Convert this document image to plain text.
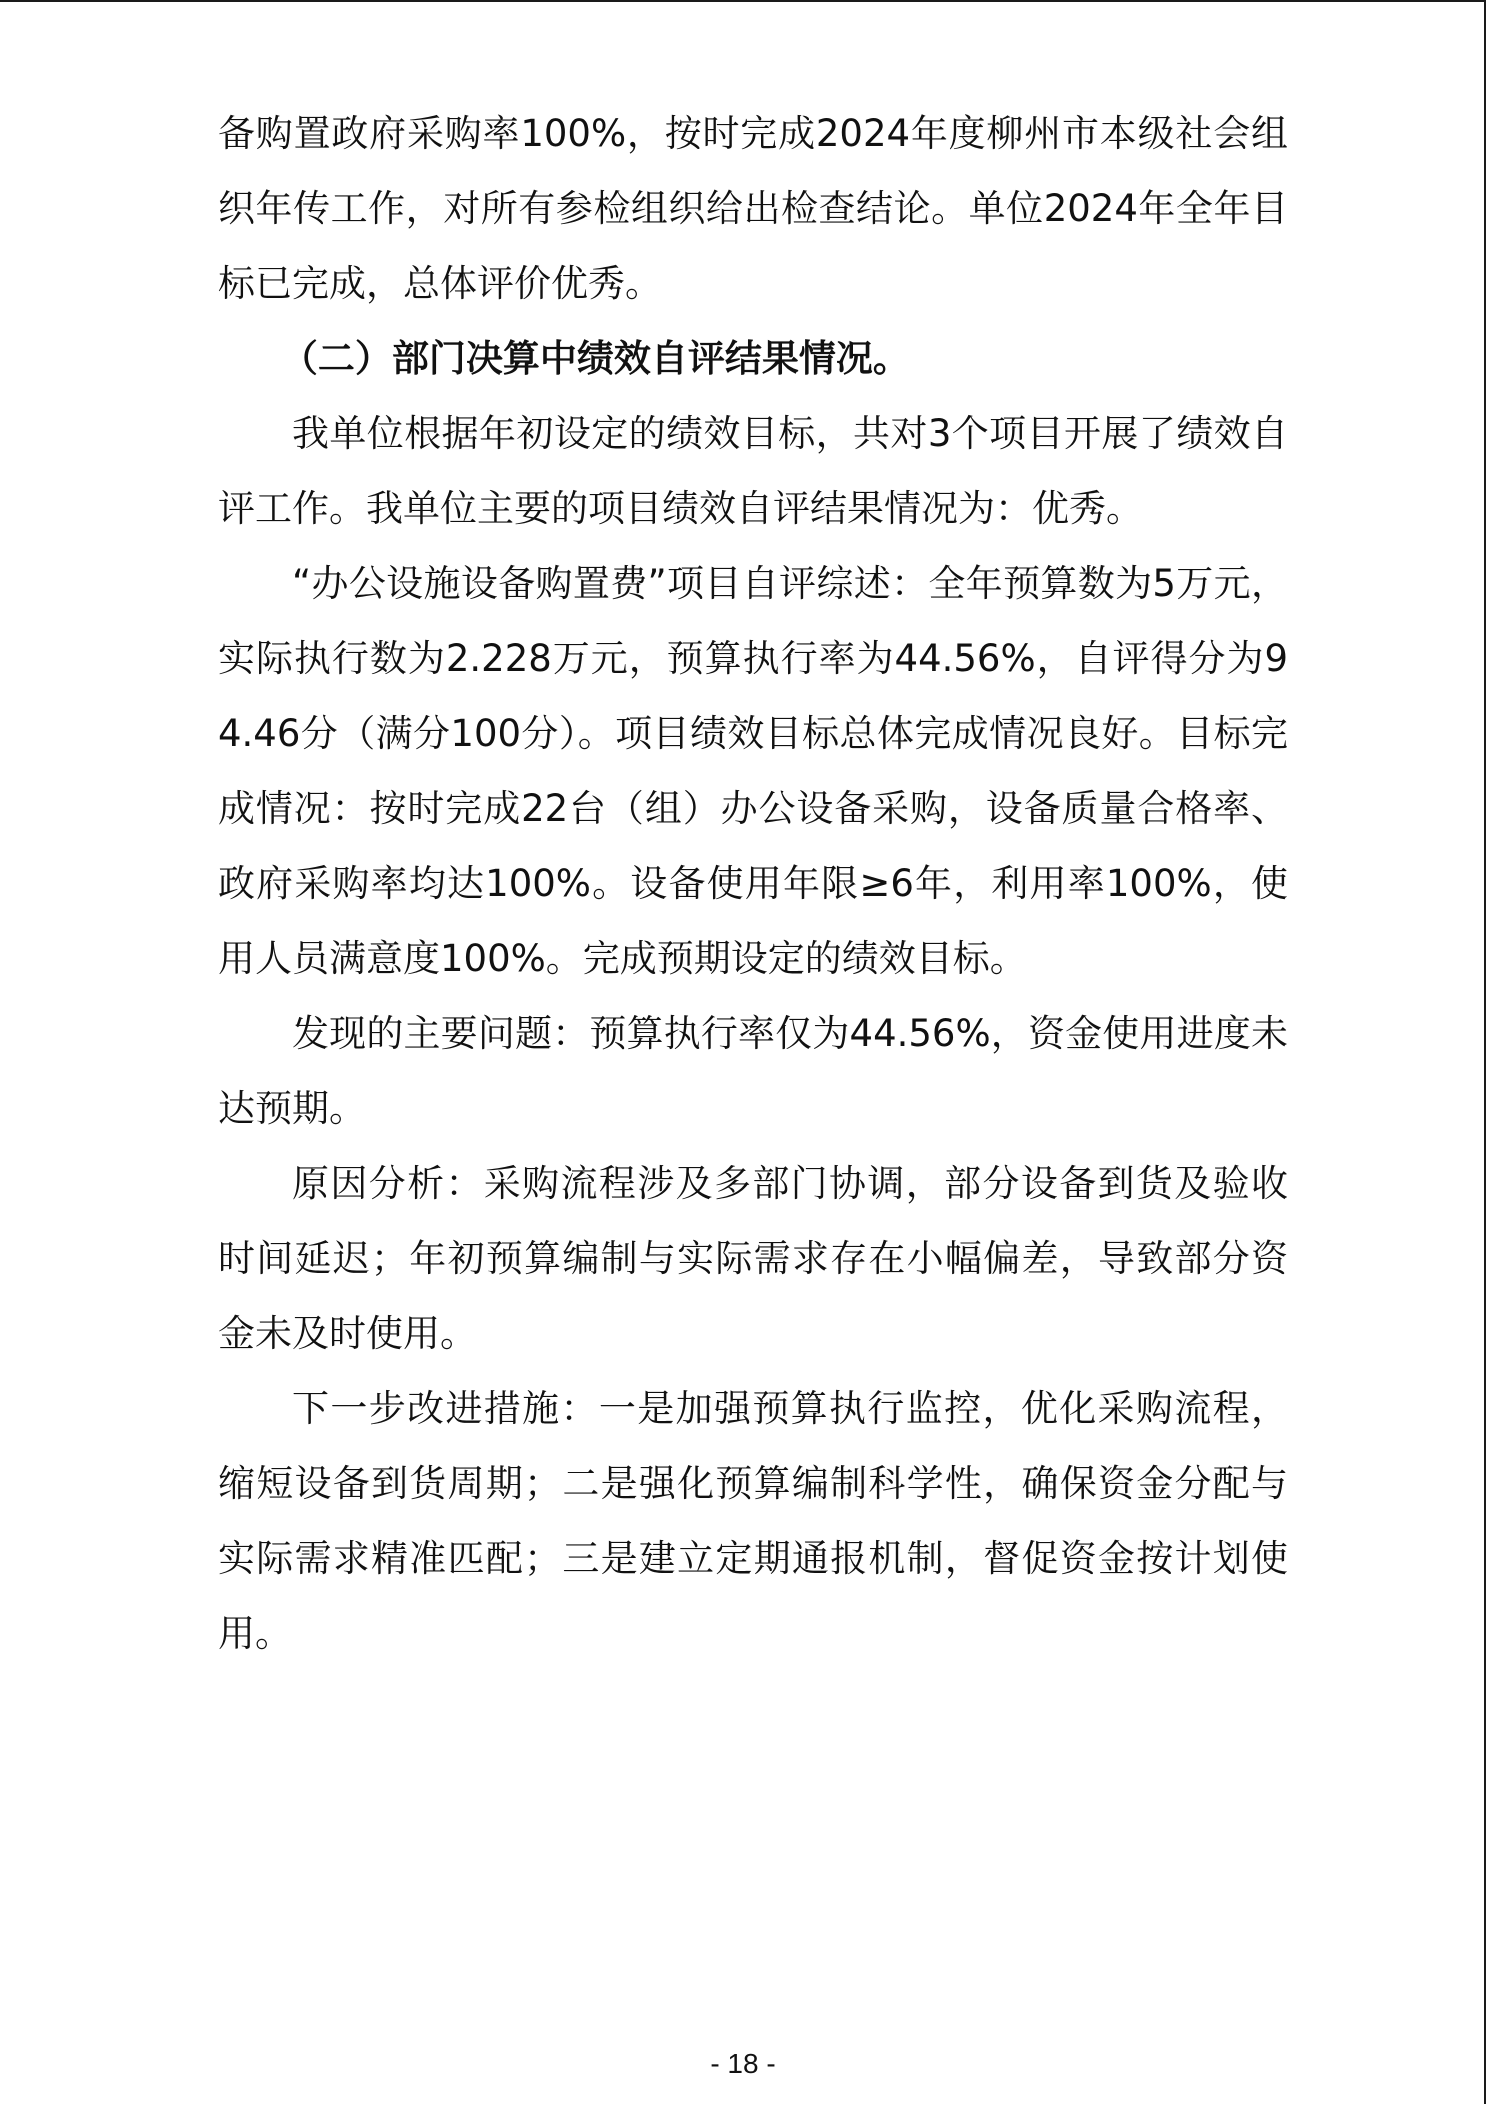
备购置政府采购率100%，按时完成2024年度柳州市本级社会组织年传工作，对所有参检组织给出检查结论。单位2024年全年目标已完成，总体评价优秀。

（二）部门决算中绩效自评结果情况。

我单位根据年初设定的绩效目标，共对3个项目开展了绩效自评工作。我单位主要的项目绩效自评结果情况为：优秀。

“办公设施设备购置费”项目自评综述：全年预算数为5万元，实际执行数为2.228万元，预算执行率为44.56%，自评得分为94.46分（满分100分）。项目绩效目标总体完成情况良好。目标完成情况：按时完成22台（组）办公设备采购，设备质量合格率、政府采购率均达100%。设备使用年限≥6年，利用率100%，使用人员满意度100%。完成预期设定的绩效目标。

发现的主要问题：预算执行率仅为44.56%，资金使用进度未达预期。

原因分析：采购流程涉及多部门协调，部分设备到货及验收时间延迟；年初预算编制与实际需求存在小幅偏差，导致部分资金未及时使用。

下一步改进措施：一是加强预算执行监控，优化采购流程，缩短设备到货周期；二是强化预算编制科学性，确保资金分配与实际需求精准匹配；三是建立定期通报机制，督促资金按计划使用。

- 18 -
